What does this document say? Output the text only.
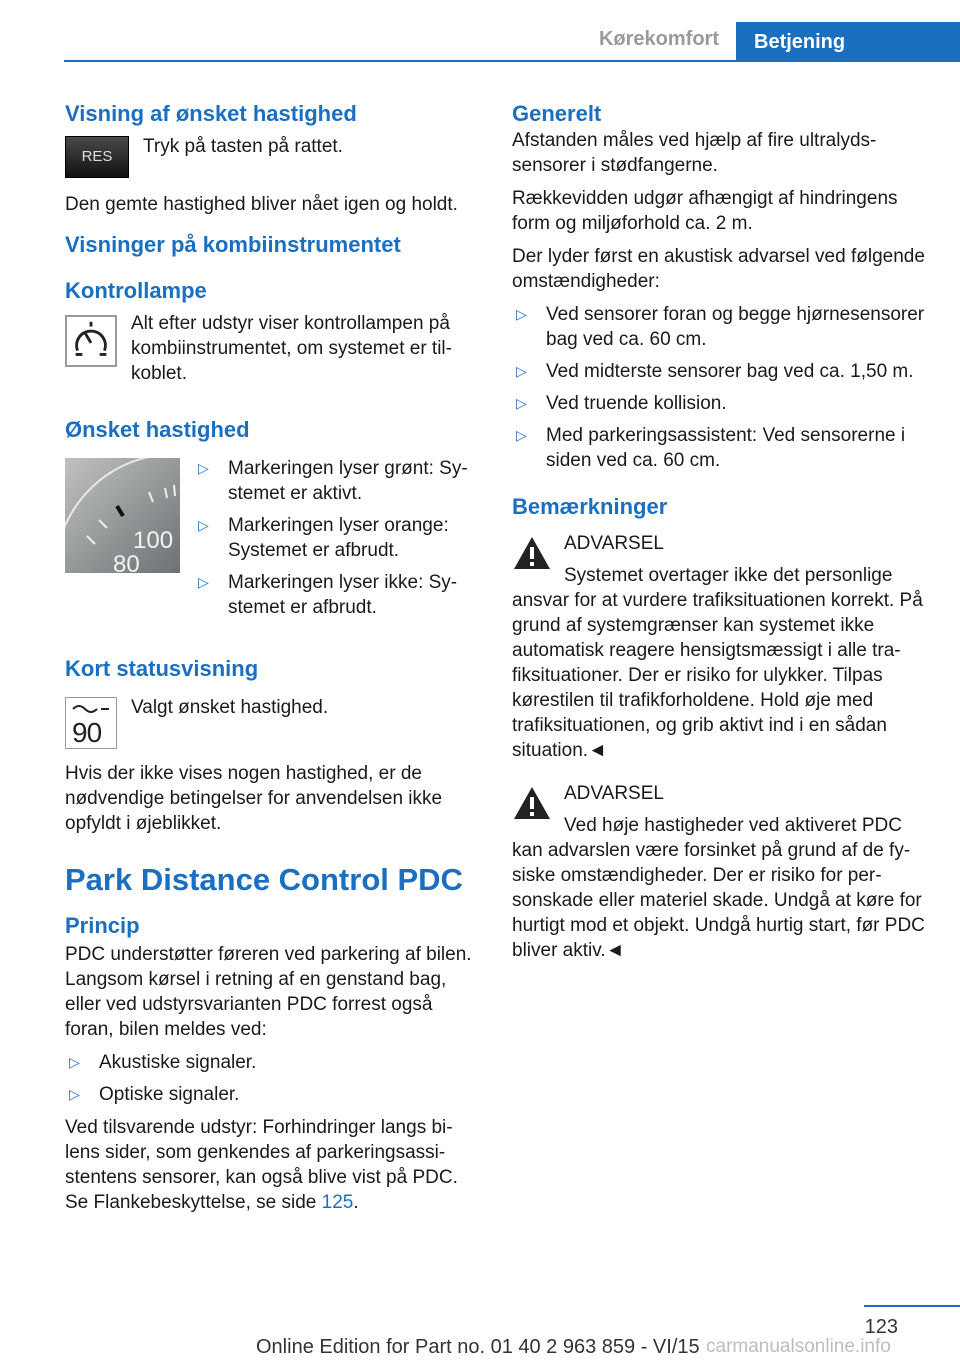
Kørekomfort	Betjening
Visning af ønsket hastighed
RES	Tryk på tasten på rattet.

Den gemte hastighed bliver nået igen og holdt.

Visninger på kombiinstrumentet
Kontrollampe
Alt efter udstyr viser kontrollampen på kombiinstrumentet, om systemet er tilkoblet.
Ønsket hastighed
100
80
▷ Markeringen lyser grønt: Systemet er aktivt.
▷ Markeringen lyser orange: Systemet er afbrudt.
▷ Markeringen lyser ikke: Systemet er afbrudt.
Kort statusvisning
90
Valgt ønsket hastighed.

Hvis der ikke vises nogen hastighed, er de nødvendige betingelser for anvendelsen ikke opfyldt i øjeblikket.

Park Distance Control PDC
Princip

PDC understøtter føreren ved parkering af bilen. Langsom kørsel i retning af en genstand bag, eller ved udstyrsvarianten PDC forrest også foran, bilen meldes ved:

▷ Akustiske signaler.
▷ Optiske signaler.

Ved tilsvarende udstyr: Forhindringer langs bilens sider, som genkendes af parkeringsassistentens sensorer, kan også blive vist på PDC. Se Flankebeskyttelse, se side 125.

Generelt

Afstanden måles ved hjælp af fire ultralydssensorer i stødfangerne.

Rækkevidden udgør afhængigt af hindringens form og miljøforhold ca. 2 m.

Der lyder først en akustisk advarsel ved følgende omstændigheder:

▷ Ved sensorer foran og begge hjørnesensorer bag ved ca. 60 cm.
▷ Ved midterste sensorer bag ved ca. 1,50 m.
▷ Ved truende kollision.
▷ Med parkeringsassistent: Ved sensorerne i siden ved ca. 60 cm.
Bemærkninger
ADVARSEL
Systemet overtager ikke det personlige ansvar for at vurdere trafiksituationen korrekt. På grund af systemgrænser kan systemet ikke automatisk reagere hensigtsmæssigt i alle trafiksituationer. Der er risiko for ulykker. Tilpas kørestilen til trafikforholdene. Hold øje med trafiksituationen, og grib aktivt ind i en sådan situation.◄
ADVARSEL
Ved høje hastigheder ved aktiveret PDC kan advarslen være forsinket på grund af de fysiske omstændigheder. Der er risiko for personskade eller materiel skade. Undgå at køre for hurtigt mod et objekt. Undgå hurtig start, før PDC bliver aktiv.◄
123
Online Edition for Part no. 01 40 2 963 859 - VI/15 carmanualsonline.info
